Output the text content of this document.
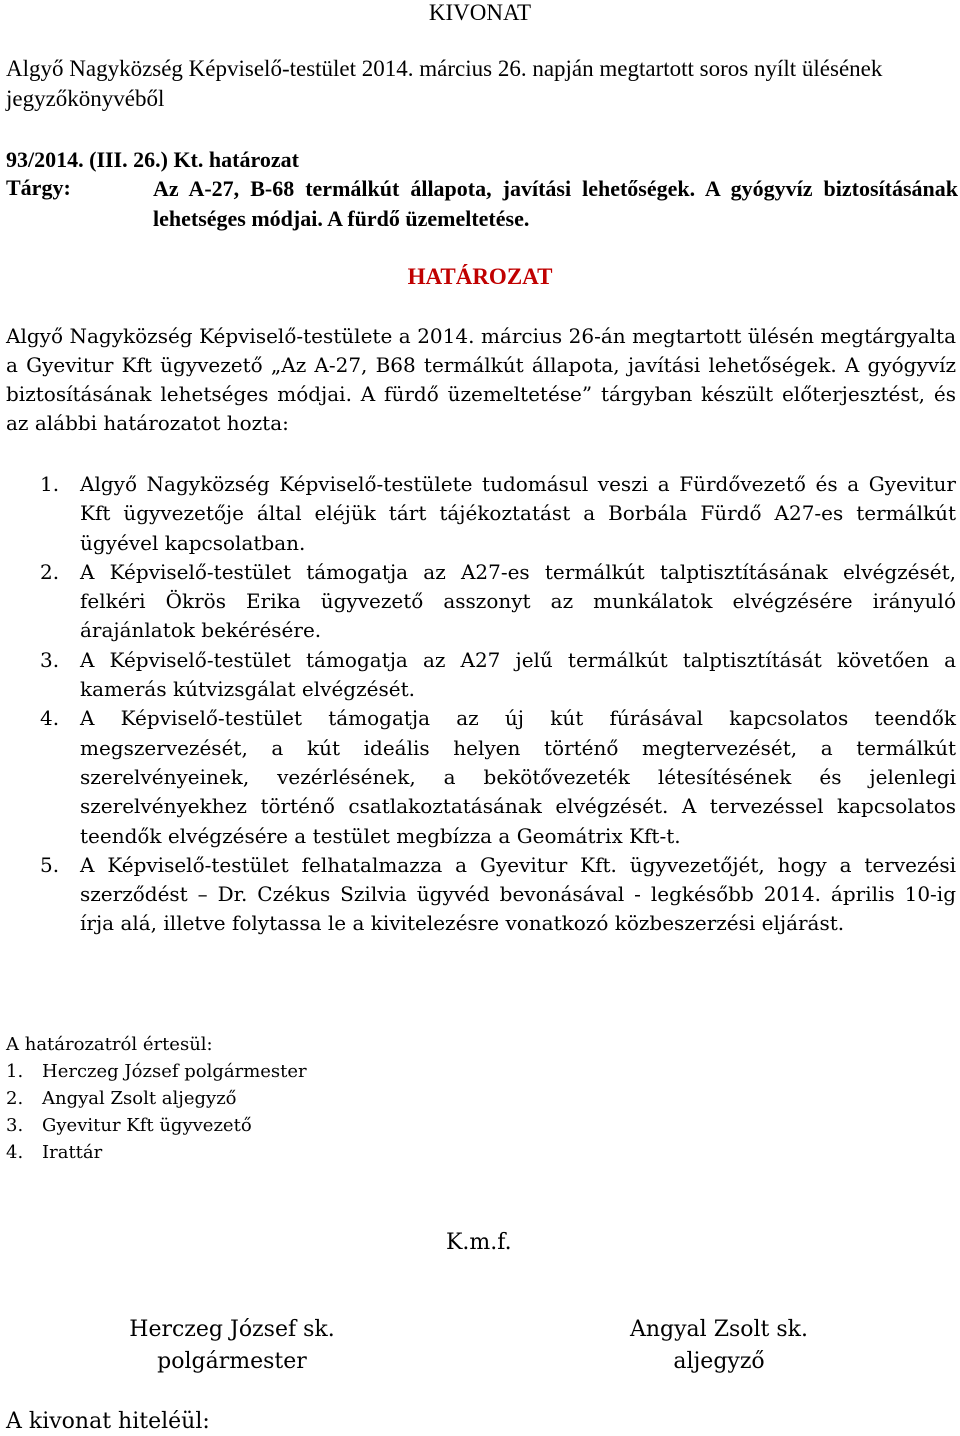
KIVONAT
Algyő Nagyközség Képviselő-testület 2014. március 26. napján megtartott soros nyílt ülésének jegyzőkönyvéből
93/2014. (III. 26.) Kt. határozat
Tárgy:	Az A-27, B-68 termálkút állapota, javítási lehetőségek. A gyógyvíz biztosításának lehetséges módjai. A fürdő üzemeltetése.
HATÁROZAT
Algyő Nagyközség Képviselő-testülete a 2014. március 26-án megtartott ülésén megtárgyalta a Gyevitur Kft ügyvezető „Az A-27, B68 termálkút állapota, javítási lehetőségek. A gyógyvíz biztosításának lehetséges módjai. A fürdő üzemeltetése” tárgyban készült előterjesztést, és az alábbi határozatot hozta:
1. Algyő Nagyközség Képviselő-testülete tudomásul veszi a Fürdővezető és a Gyevitur Kft ügyvezetője által eléjük tárt tájékoztatást a Borbála Fürdő A27-es termálkút ügyével kapcsolatban.
2. A Képviselő-testület támogatja az A27-es termálkút talptisztításának elvégzését, felkéri Ökrös Erika ügyvezető asszonyt az munkálatok elvégzésére irányuló árajánlatok bekérésére.
3. A Képviselő-testület támogatja az A27 jelű termálkút talptisztítását követően a kamerás kútvizsgálat elvégzését.
4. A Képviselő-testület támogatja az új kút fúrásával kapcsolatos teendők megszervezését, a kút ideális helyen történő megtervezését, a termálkút szerelvényeinek, vezérlésének, a bekötővezeték létesítésének és jelenlegi szerelvényekhez történő csatlakoztatásának elvégzését. A tervezéssel kapcsolatos teendők elvégzésére a testület megbízza a Geomátrix Kft-t.
5. A Képviselő-testület felhatalmazza a Gyevitur Kft. ügyvezetőjét, hogy a tervezési szerződést – Dr. Czékus Szilvia ügyvéd bevonásával - legkésőbb 2014. április 10-ig írja alá, illetve folytassa le a kivitelezésre vonatkozó közbeszerzési eljárást.
A határozatról értesül:
1. Herczeg József polgármester
2. Angyal Zsolt aljegyző
3. Gyevitur Kft ügyvezető
4. Irattár
K.m.f.
Herczeg József sk.
polgármester
Angyal Zsolt sk.
aljegyző
A kivonat hiteléül:
